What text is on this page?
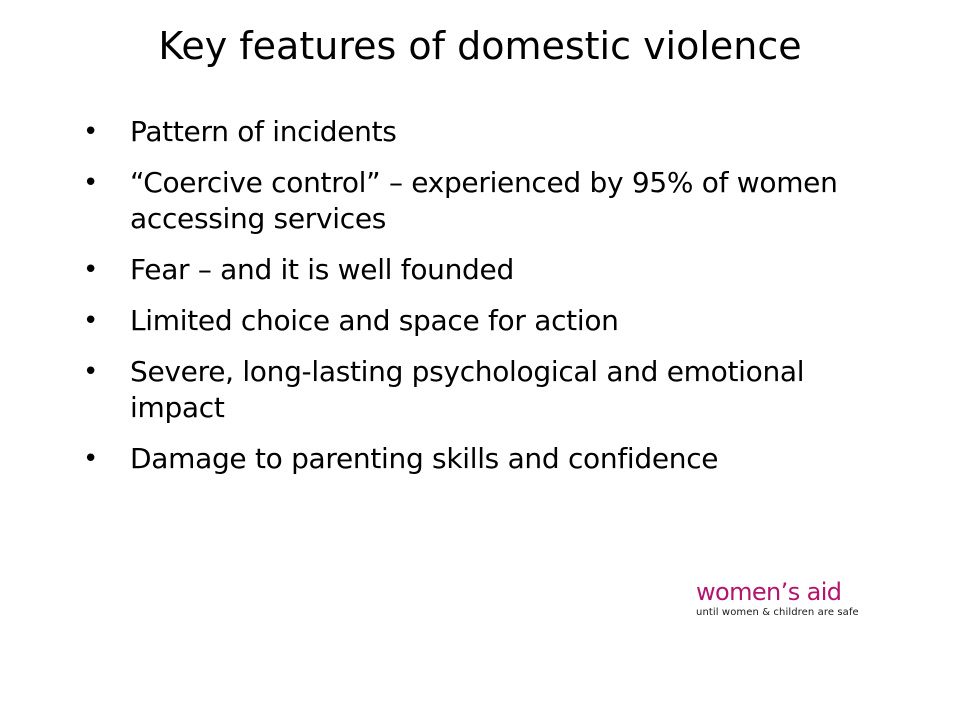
Key features of domestic violence
• Pattern of incidents
• “Coercive control” – experienced by 95% of women accessing services
• Fear – and it is well founded
• Limited choice and space for action
• Severe, long-lasting psychological and emotional impact
• Damage to parenting skills and confidence
women’s aid
until women & children are safe
